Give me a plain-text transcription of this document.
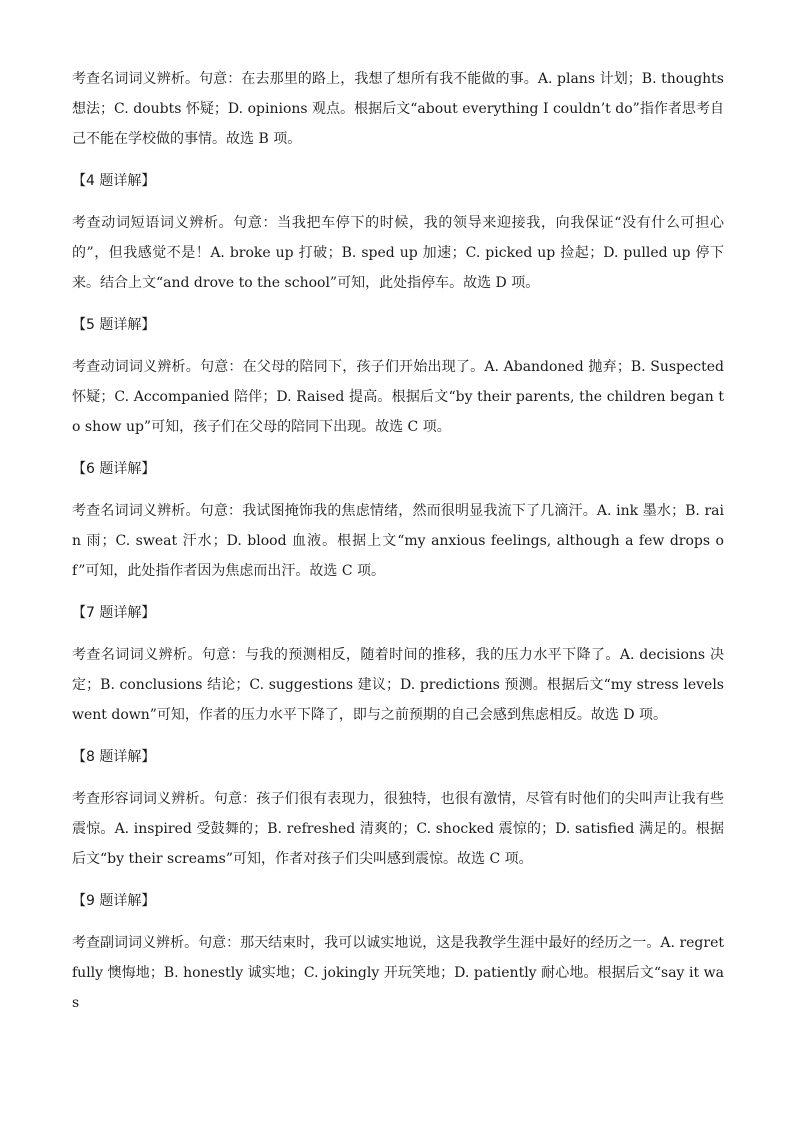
考查名词词义辨析。句意：在去那里的路上，我想了想所有我不能做的事。A. plans 计划；B. thoughts 想法；C. doubts 怀疑；D. opinions 观点。根据后文“about everything I couldn’t do”指作者思考自己不能在学校做的事情。故选 B 项。

【4 题详解】

考查动词短语词义辨析。句意：当我把车停下的时候，我的领导来迎接我，向我保证“没有什么可担心的”，但我感觉不是！A. broke up 打破；B. sped up 加速；C. picked up 捡起；D. pulled up 停下来。结合上文“and drove to the school”可知，此处指停车。故选 D 项。

【5 题详解】

考查动词词义辨析。句意：在父母的陪同下，孩子们开始出现了。A. Abandoned 抛弃；B. Suspected 怀疑；C. Accompanied 陪伴；D. Raised 提高。根据后文“by their parents, the children began to show up”可知，孩子们在父母的陪同下出现。故选 C 项。

【6 题详解】

考查名词词义辨析。句意：我试图掩饰我的焦虑情绪，然而很明显我流下了几滴汗。A. ink 墨水；B. rain 雨；C. sweat 汗水；D. blood 血液。根据上文“my anxious feelings, although a few drops of”可知，此处指作者因为焦虑而出汗。故选 C 项。

【7 题详解】

考查名词词义辨析。句意：与我的预测相反，随着时间的推移，我的压力水平下降了。A. decisions 决定；B. conclusions 结论；C. suggestions 建议；D. predictions 预测。根据后文“my stress levels went down”可知，作者的压力水平下降了，即与之前预期的自己会感到焦虑相反。故选 D 项。

【8 题详解】

考查形容词词义辨析。句意：孩子们很有表现力，很独特，也很有激情，尽管有时他们的尖叫声让我有些震惊。A. inspired 受鼓舞的；B. refreshed 清爽的；C. shocked 震惊的；D. satisfied 满足的。根据后文“by their screams”可知，作者对孩子们尖叫感到震惊。故选 C 项。

【9 题详解】

考查副词词义辨析。句意：那天结束时，我可以诚实地说，这是我教学生涯中最好的经历之一。A. regretfully 懊悔地；B. honestly 诚实地；C. jokingly 开玩笑地；D. patiently 耐心地。根据后文“say it was
